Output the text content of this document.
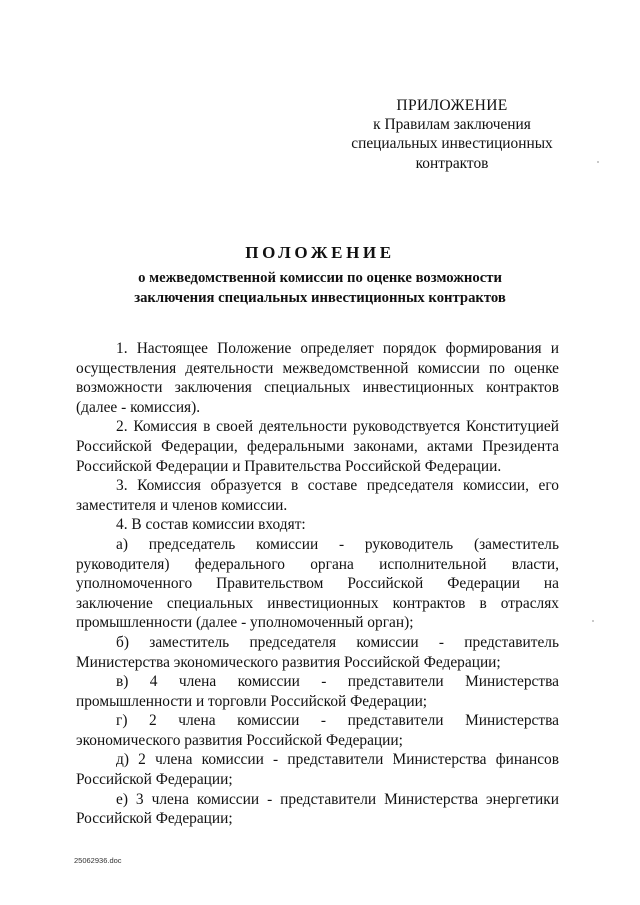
ПРИЛОЖЕНИЕ
к Правилам заключения
специальных инвестиционных
контрактов
ПОЛОЖЕНИЕ
о межведомственной комиссии по оценке возможности
заключения специальных инвестиционных контрактов

1. Настоящее Положение определяет порядок формирования и осуществления деятельности межведомственной комиссии по оценке возможности заключения специальных инвестиционных контрактов (далее - комиссия).

2. Комиссия в своей деятельности руководствуется Конституцией Российской Федерации, федеральными законами, актами Президента Российской Федерации и Правительства Российской Федерации.

3. Комиссия образуется в составе председателя комиссии, его заместителя и членов комиссии.

4. В состав комиссии входят:

а) председатель комиссии - руководитель (заместитель руководителя) федерального органа исполнительной власти, уполномоченного Правительством Российской Федерации на заключение специальных инвестиционных контрактов в отраслях промышленности (далее - уполномоченный орган);

б) заместитель председателя комиссии - представитель Министерства экономического развития Российской Федерации;

в) 4 члена комиссии - представители Министерства промышленности и торговли Российской Федерации;

г) 2 члена комиссии - представители Министерства экономического развития Российской Федерации;

д) 2 члена комиссии - представители Министерства финансов Российской Федерации;

е) 3 члена комиссии - представители Министерства энергетики Российской Федерации;

25062936.doc
